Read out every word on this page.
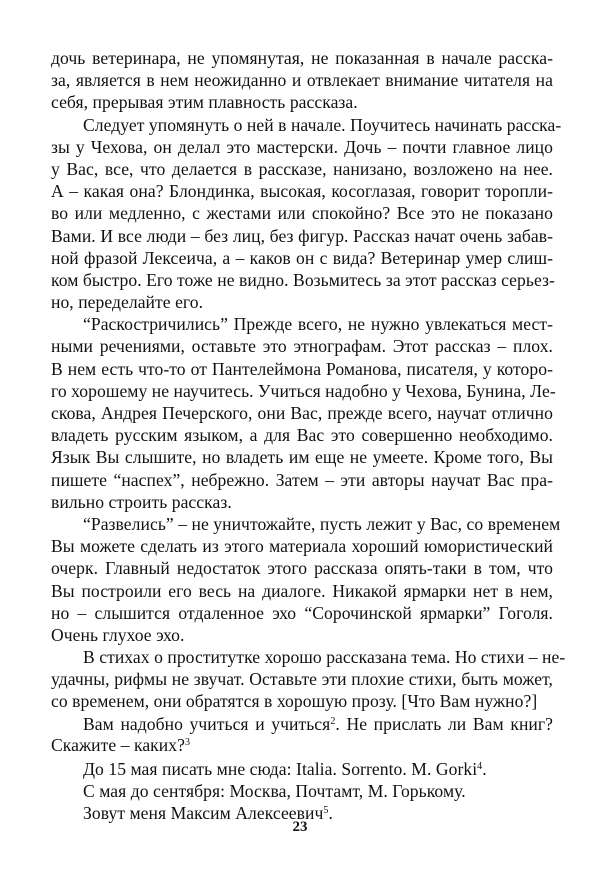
дочь ветеринара, не упомянутая, не показанная в начале расска-
за, является в нем неожиданно и отвлекает внимание читателя на
себя, прерывая этим плавность рассказа.
Следует упомянуть о ней в начале. Поучитесь начинать расска-
зы у Чехова, он делал это мастерски. Дочь – почти главное лицо
у Вас, все, что делается в рассказе, нанизано, возложено на нее.
А – какая она? Блондинка, высокая, косоглазая, говорит торопли-
во или медленно, с жестами или спокойно? Все это не показано
Вами. И все люди – без лиц, без фигур. Рассказ начат очень забав-
ной фразой Лексеича, а – каков он с вида? Ветеринар умер слиш-
ком быстро. Его тоже не видно. Возьмитесь за этот рассказ серьез-
но, переделайте его.
“Раскостричились” Прежде всего, не нужно увлекаться мест-
ными речениями, оставьте это этнографам. Этот рассказ – плох.
В нем есть что-то от Пантелеймона Романова, писателя, у которо-
го хорошему не научитесь. Учиться надобно у Чехова, Бунина, Ле-
скова, Андрея Печерского, они Вас, прежде всего, научат отлично
владеть русским языком, а для Вас это совершенно необходимо.
Язык Вы слышите, но владеть им еще не умеете. Кроме того, Вы
пишете “наспех”, небрежно. Затем – эти авторы научат Вас пра-
вильно строить рассказ.
“Развелись” – не уничтожайте, пусть лежит у Вас, со временем
Вы можете сделать из этого материала хороший юмористический
очерк. Главный недостаток этого рассказа опять-таки в том, что
Вы построили его весь на диалоге. Никакой ярмарки нет в нем,
но – слышится отдаленное эхо “Сорочинской ярмарки” Гоголя.
Очень глухое эхо.
В стихах о проститутке хорошо рассказана тема. Но стихи – не-
удачны, рифмы не звучат. Оставьте эти плохие стихи, быть может,
со временем, они обратятся в хорошую прозу. [Что Вам нужно?]
Вам надобно учиться и учиться$^2$. Не прислать ли Вам книг?
Скажите – каких?$^3$
До 15 мая писать мне сюда: Italia. Sorrento. M. Gorki$^4$.
С мая до сентября: Москва, Почтамт, М. Горькому.
Зовут меня Максим Алексеевич$^5$.
23
